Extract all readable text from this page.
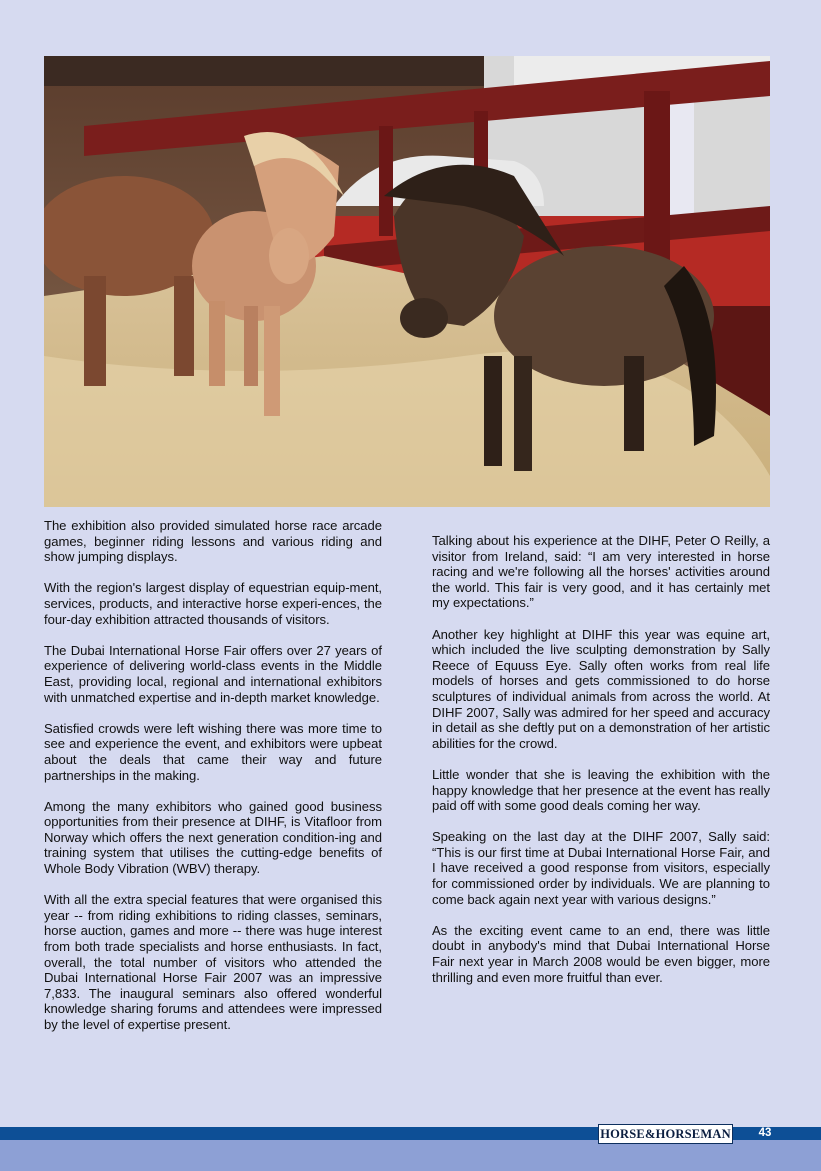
The exhibition also provided simulated horse race arcade games, beginner riding lessons and various riding and show jumping displays.

With the region's largest display of equestrian equip-ment, services, products, and interactive horse experi-ences, the four-day exhibition attracted thousands of visitors.

The Dubai International Horse Fair offers over 27 years of experience of delivering world-class events in the Middle East, providing local, regional and international exhibitors with unmatched expertise and in-depth market knowledge.

Satisfied crowds were left wishing there was more time to see and experience the event, and exhibitors were upbeat about the deals that came their way and future partnerships in the making.

Among the many exhibitors who gained good business opportunities from their presence at DIHF, is Vitafloor from Norway which offers the next generation condition-ing and training system that utilises the cutting-edge benefits of Whole Body Vibration (WBV) therapy.

With all the extra special features that were organised this year -- from riding exhibitions to riding classes, seminars, horse auction, games and more -- there was huge interest from both trade specialists and horse enthusiasts. In fact, overall, the total number of visitors who attended the Dubai International Horse Fair 2007 was an impressive 7,833. The inaugural seminars also offered wonderful knowledge sharing forums and attendees were impressed by the level of expertise present.

Talking about his experience at the DIHF, Peter O Reilly, a visitor from Ireland, said: “I am very interested in horse racing and we're following all the horses' activities around the world. This fair is very good, and it has certainly met my expectations.”

Another key highlight at DIHF this year was equine art, which included the live sculpting demonstration by Sally Reece of Equuss Eye. Sally often works from real life models of horses and gets commissioned to do horse sculptures of individual animals from across the world. At DIHF 2007, Sally was admired for her speed and accuracy in detail as she deftly put on a demonstration of her artistic abilities for the crowd.

Little wonder that she is leaving the exhibition with the happy knowledge that her presence at the event has really paid off with some good deals coming her way.

Speaking on the last day at the DIHF 2007, Sally said: “This is our first time at Dubai International Horse Fair, and I have received a good response from visitors, especially for commissioned order by individuals. We are planning to come back again next year with various designs.”

As the exciting event came to an end, there was little doubt in anybody's mind that Dubai International Horse Fair next year in March 2008 would be even bigger, more thrilling and even more fruitful than ever.

HORSE&HORSEMAN	43
